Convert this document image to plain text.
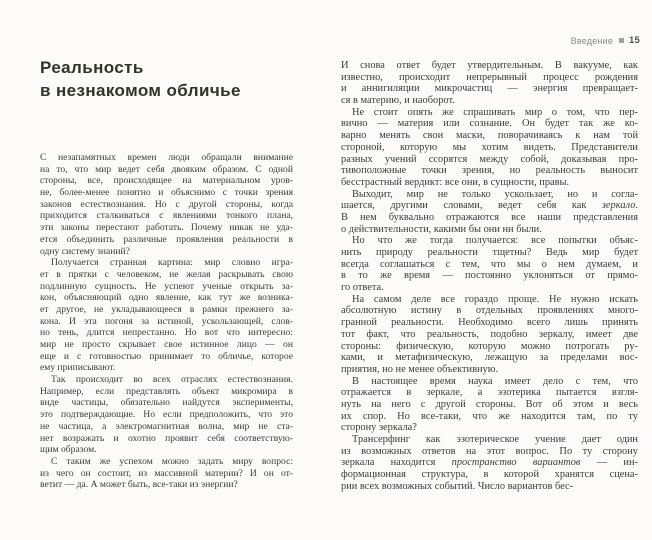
Введение 15
Реальность
в незнакомом обличье
С незапамятных времен люди обращали внимание
на то, что мир ведет себя двояким образом. С одной
стороны, все, происходящее на материальном уров-
не, более-менее понятно и объяснимо с точки зрения
законов естествознания. Но с другой стороны, когда
приходится сталкиваться с явлениями тонкого плана,
эти законы перестают работать. Почему никак не уда-
ется объединить различные проявления реальности в
одну систему знаний?
Получается странная картина: мир словно игра-
ет в прятки с человеком, не желая раскрывать свою
подлинную сущность. Не успеют ученые открыть за-
кон, объясняющий одно явление, как тут же возника-
ет другое, не укладывающееся в рамки прежнего за-
кона. И эта погоня за истиной, ускользающей, слов-
но тень, длится непрестанно. Но вот что интересно:
мир не просто скрывает свое истинное лицо — он
еще и с готовностью принимает то обличье, которое
ему приписывают.
Так происходит во всех отраслях естествознания.
Например, если представлять объект микромира в
виде частицы, обязательно найдутся эксперименты,
это подтверждающие. Но если предположить, что это
не частица, а электромагнитная волна, мир не ста-
нет возражать и охотно проявит себя соответствую-
щим образом.
С таким же успехом можно задать миру вопрос:
из чего он состоит, из массивной материи? И он от-
ветит — да. А может быть, все-таки из энергии?
И снова ответ будет утвердительным. В вакууме, как
известно, происходит непрерывный процесс рождения
и аннигиляции микрочастиц — энергия превращает-
ся в материю, и наоборот.
Не стоит опять же спрашивать мир о том, что пер-
вично — материя или сознание. Он будет так же ко-
варно менять свои маски, поворачиваясь к нам той
стороной, которую мы хотим видеть. Представители
разных учений ссорятся между собой, доказывая про-
тивоположные точки зрения, но реальность выносит
бесстрастный вердикт: все они, в сущности, правы.
Выходит, мир не только ускользает, но и согла-
шается, другими словами, ведет себя как зеркало.
В нем буквально отражаются все наши представления
о действительности, какими бы они ни были.
Но что же тогда получается: все попытки объяс-
нить природу реальности тщетны? Ведь мир будет
всегда соглашаться с тем, что мы о нем думаем, и
в то же время — постоянно уклоняться от прямо-
го ответа.
На самом деле все гораздо проще. Не нужно искать
абсолютную истину в отдельных проявлениях много-
гранной реальности. Необходимо всего лишь принять
тот факт, что реальность, подобно зеркалу, имеет две
стороны: физическую, которую можно потрогать ру-
ками, и метафизическую, лежащую за пределами вос-
приятия, но не менее объективную.
В настоящее время наука имеет дело с тем, что
отражается в зеркале, а эзотерика пытается взгля-
нуть на него с другой стороны. Вот об этом и весь
их спор. Но все-таки, что же находится там, по ту
сторону зеркала?
Трансерфинг как эзотерическое учение дает один
из возможных ответов на этот вопрос. По ту сторону
зеркала находится пространство вариантов — ин-
формационная структура, в которой хранятся сцена-
рии всех возможных событий. Число вариантов бес-
